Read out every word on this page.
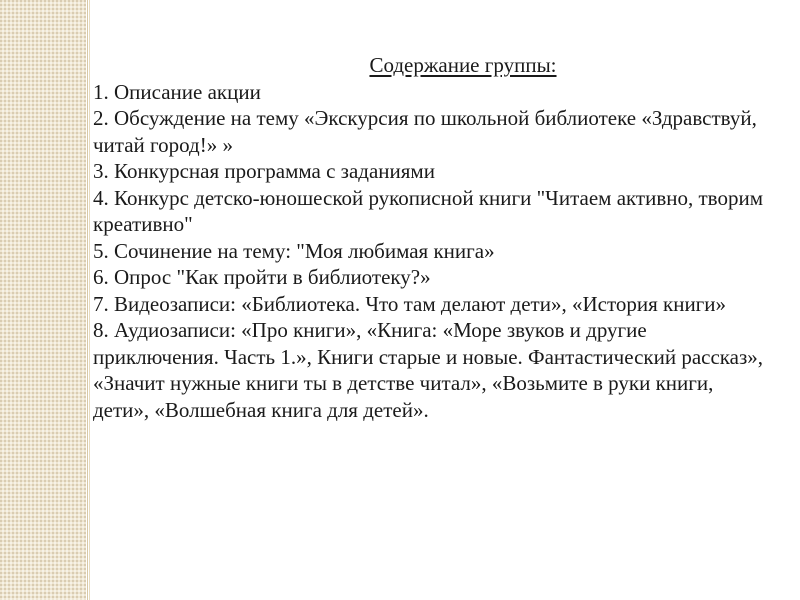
Содержание группы:

1. Описание акции

2. Обсуждение на тему «Экскурсия по школьной библиотеке «Здравствуй, читай город!» »

3. Конкурсная программа с заданиями

4. Конкурс детско-юношеской рукописной книги "Читаем активно, творим креативно"

5. Сочинение на тему: "Моя любимая книга»

6. Опрос "Как пройти в библиотеку?»

7. Видеозаписи: «Библиотека. Что там делают дети», «История книги»

8. Аудиозаписи: «Про книги», «Книга: «Море звуков и другие приключения. Часть 1.», Книги старые и новые. Фантастический рассказ», «Значит нужные книги ты в детстве читал», «Возьмите в руки книги, дети», «Волшебная книга для детей».
